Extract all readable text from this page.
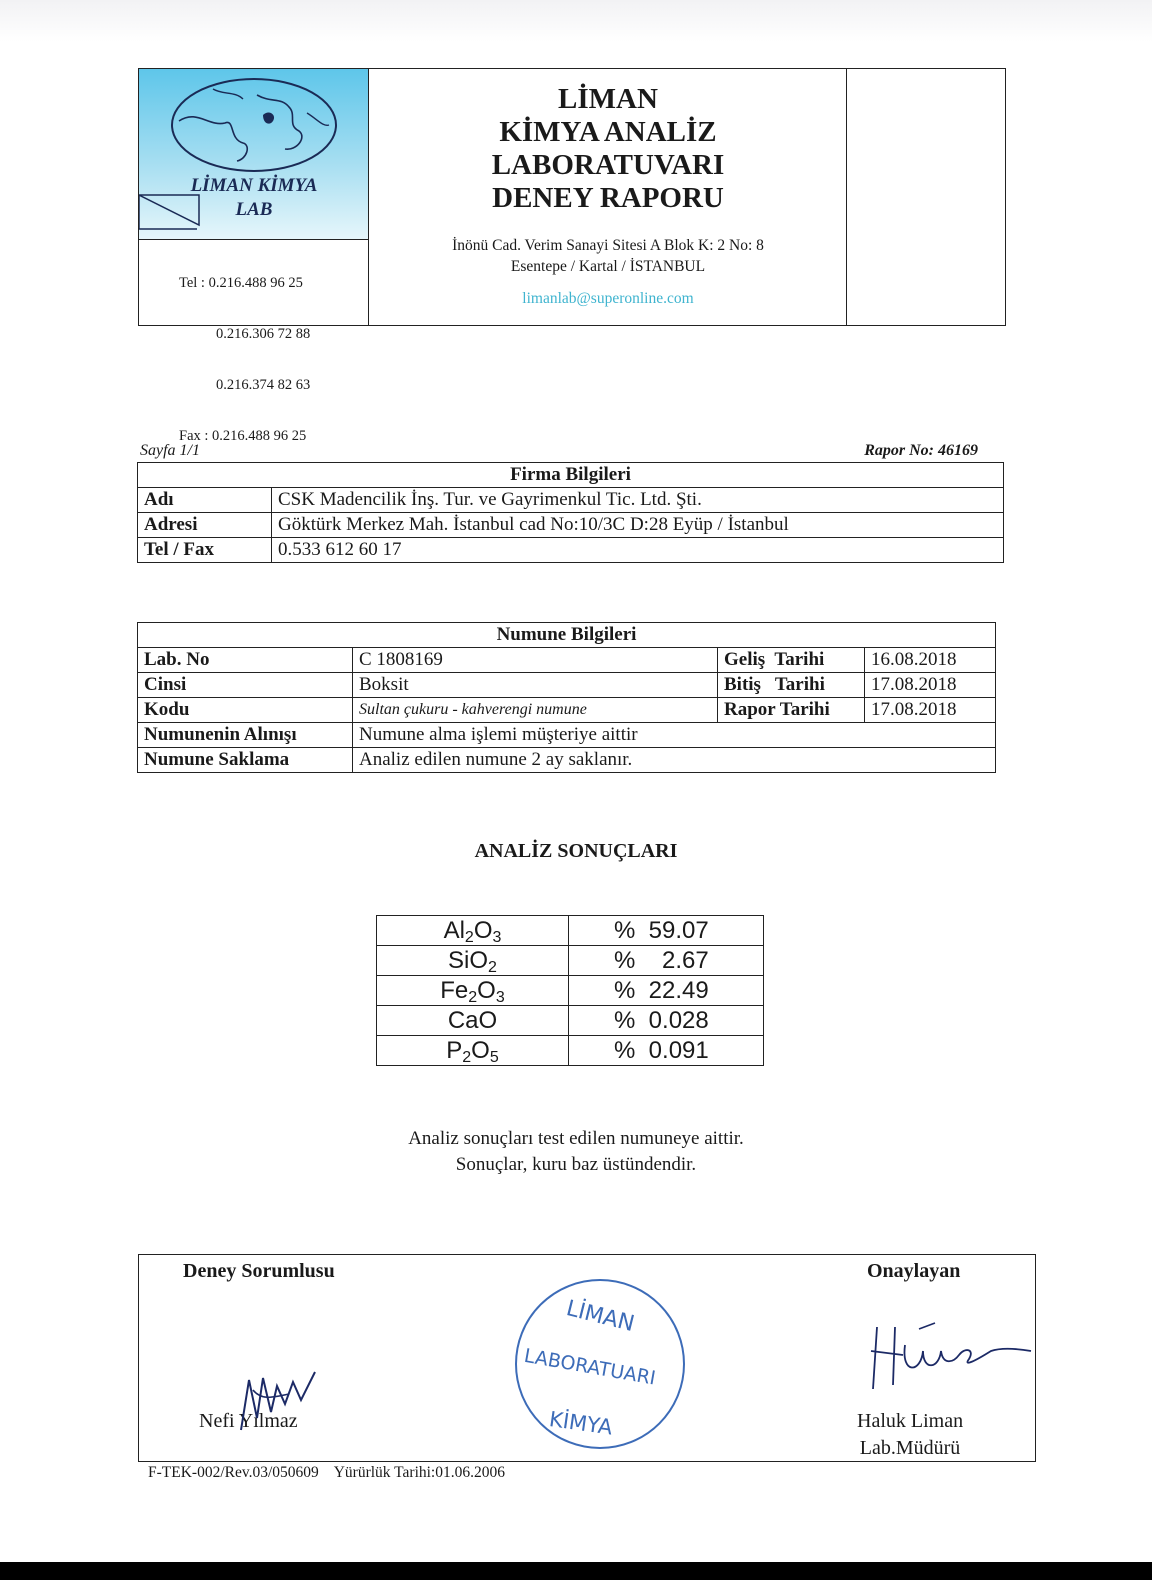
LİMAN KİMYA
LAB

Tel : 0.216.488 96 25

0.216.306 72 88

0.216.374 82 63

Fax : 0.216.488 96 25

LİMAN
KİMYA ANALİZ
LABORATUVARI
DENEY RAPORU
İnönü Cad. Verim Sanayi Sitesi A Blok K: 2 No: 8
Esentepe / Kartal / İSTANBUL
limanlab@superonline.com
Sayfa 1/1	Rapor No: 46169
Firma Bilgileri	
Adı	CSK Madencilik İnş. Tur. ve Gayrimenkul Tic. Ltd. Şti.
Adresi	Göktürk Merkez Mah. İstanbul cad No:10/3C D:28 Eyüp / İstanbul
Tel / Fax	0.533 612 60 17
Numune Bilgileri			
Lab. No	C 1808169	Geliş  Tarihi	16.08.2018
Cinsi	Boksit	Bitiş   Tarihi	17.08.2018
Kodu	Sultan çukuru - kahverengi numune	Rapor Tarihi	17.08.2018
Numunenin Alınışı	Numune alma işlemi müşteriye aittir		
Numune Saklama	Analiz edilen numune 2 ay saklanır.		
ANALİZ SONUÇLARI
$Al_2O_3$	%  59.07
SiO$_2$	%    2.67
$Fe_2O_3$	%  22.49
CaO	%  0.028
$P_2O_5$	%  0.091
Analiz sonuçları test edilen numuneye aittir.
Sonuçlar, kuru baz üstündendir.
Deney Sorumlusu	Onaylayan
Nefi Yılmaz
LİMAN
LABORATUARI
KİMYA	Haluk Liman
Lab.Müdürü
F-TEK-002/Rev.03/050609 Yürürlük Tarihi:01.06.2006
